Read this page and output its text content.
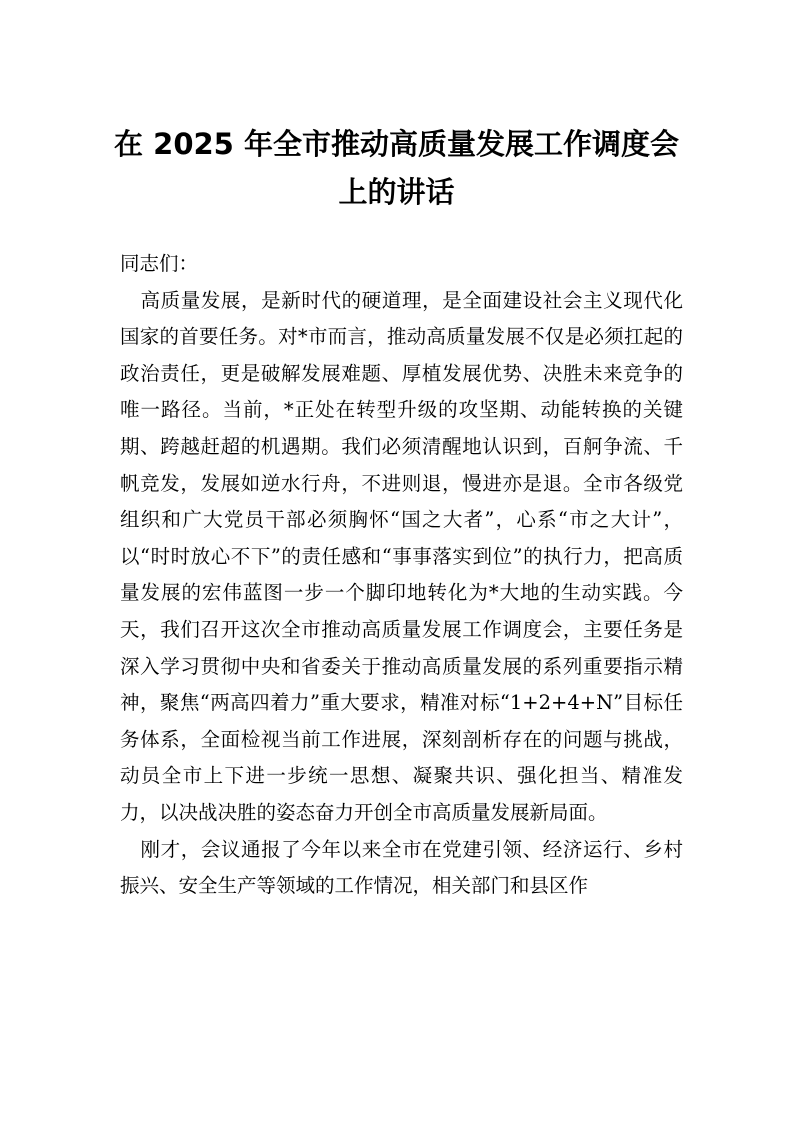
在 2025 年全市推动高质量发展工作调度会
上的讲话

同志们：

高质量发展，是新时代的硬道理，是全面建设社会主义现代化国家的首要任务。对*市而言，推动高质量发展不仅是必须扛起的政治责任，更是破解发展难题、厚植发展优势、决胜未来竞争的唯一路径。当前，*正处在转型升级的攻坚期、动能转换的关键期、跨越赶超的机遇期。我们必须清醒地认识到，百舸争流、千帆竞发，发展如逆水行舟，不进则退，慢进亦是退。全市各级党组织和广大党员干部必须胸怀“国之大者”，心系“市之大计”，以“时时放心不下”的责任感和“事事落实到位”的执行力，把高质量发展的宏伟蓝图一步一个脚印地转化为*大地的生动实践。今天，我们召开这次全市推动高质量发展工作调度会，主要任务是深入学习贯彻中央和省委关于推动高质量发展的系列重要指示精神，聚焦“两高四着力”重大要求，精准对标“1+2+4+N”目标任务体系，全面检视当前工作进展，深刻剖析存在的问题与挑战，动员全市上下进一步统一思想、凝聚共识、强化担当、精准发力，以决战决胜的姿态奋力开创全市高质量发展新局面。

刚才，会议通报了今年以来全市在党建引领、经济运行、乡村振兴、安全生产等领域的工作情况，相关部门和县区作
